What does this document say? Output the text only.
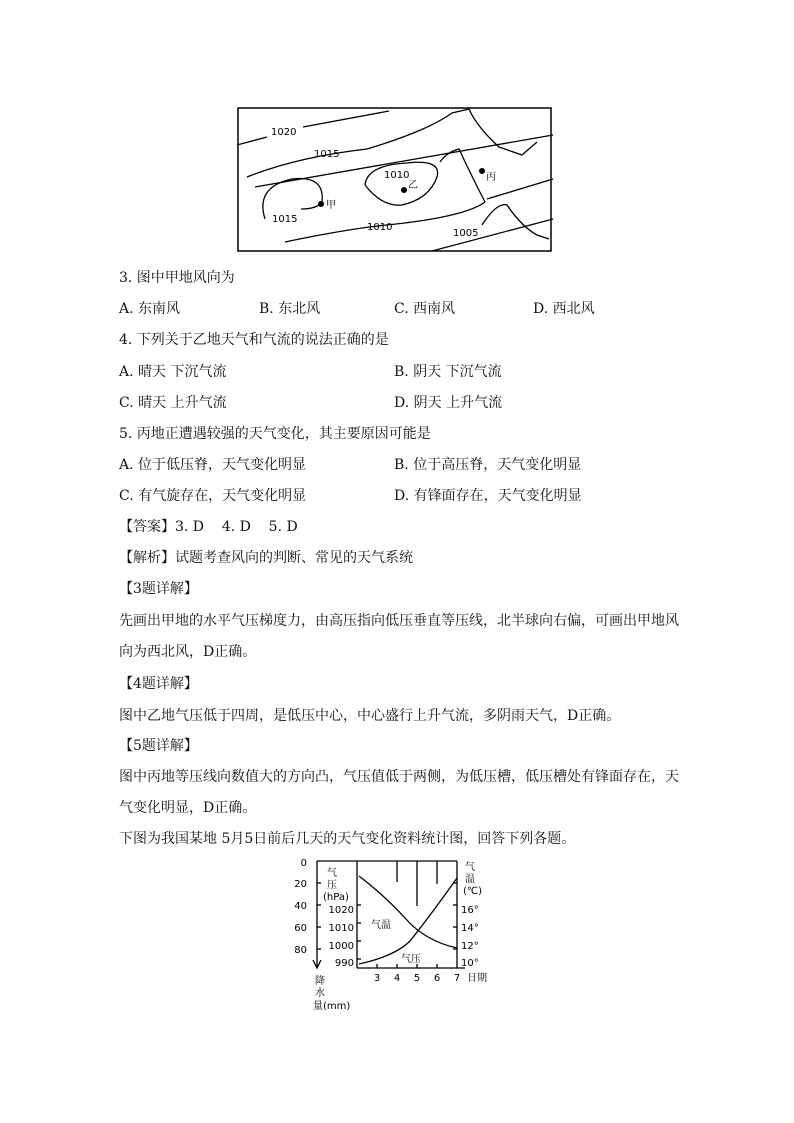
1020
1015
1010
1015
1010
1005
甲
乙
丙
3. 图中甲地风向为
A. 东南风	B. 东北风	C. 西南风	D. 西北风
4. 下列关于乙地天气和气流的说法正确的是
A. 晴天 下沉气流	B. 阴天 下沉气流
C. 晴天 上升气流	D. 阴天 上升气流
5. 丙地正遭遇较强的天气变化，其主要原因可能是
A. 位于低压脊，天气变化明显	B. 位于高压脊，天气变化明显
C. 有气旋存在，天气变化明显	D. 有锋面存在，天气变化明显
【答案】3. D    4. D    5. D
【解析】试题考查风向的判断、常见的天气系统
【3题详解】
先画出甲地的水平气压梯度力，由高压指向低压垂直等压线，北半球向右偏，可画出甲地风向为西北风，D正确。
【4题详解】
图中乙地气压低于四周，是低压中心，中心盛行上升气流，多阴雨天气，D正确。
【5题详解】
图中丙地等压线向数值大的方向凸，气压值低于两侧，为低压槽，低压槽处有锋面存在，天气变化明显，D正确。
下图为我国某地 5月5日前后几天的天气变化资料统计图，回答下列各题。
0
20
40
60
80
降
水
量(mm)
气
压
(hPa)
1020
1010
1000
990
气
温
(℃)
16°
14°
12°
10°
3 4 5 6 7 日期
气温
气压
